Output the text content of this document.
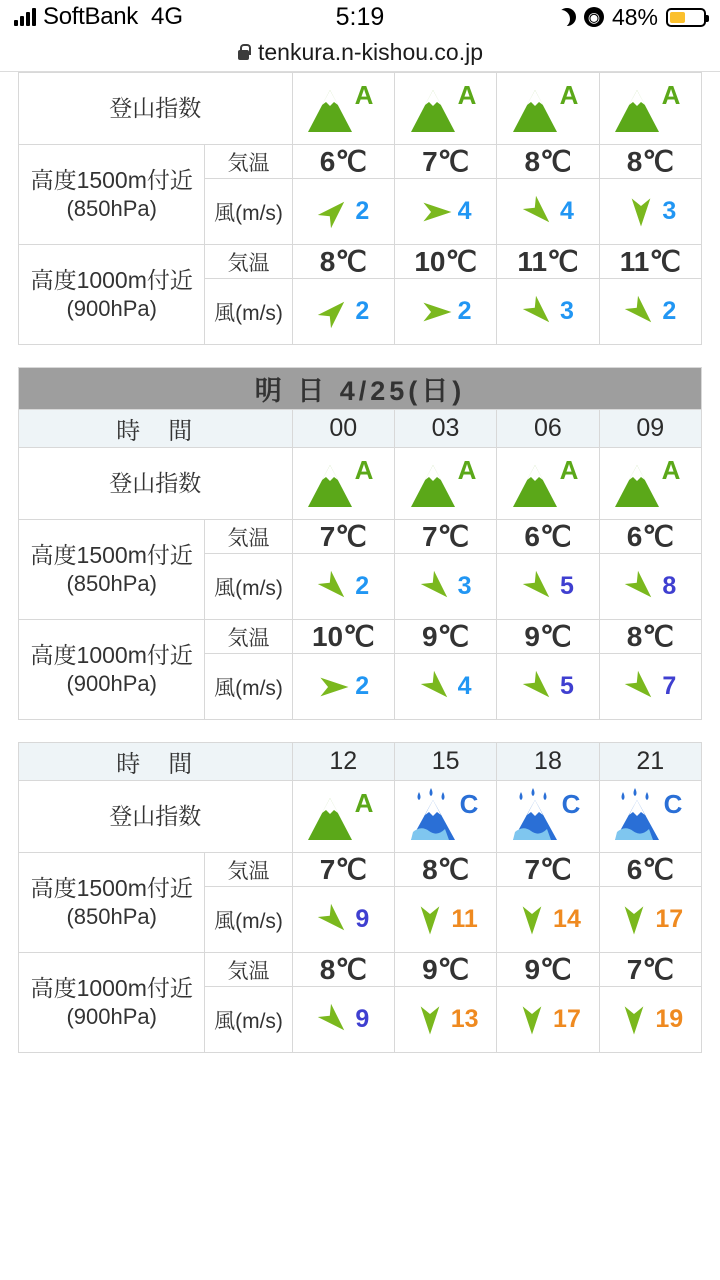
SoftBank 4G	5:19	◉ 48%
tenkura.n-kishou.co.jp
登山指数		A	A	A	A

高度1500m付近
(850hPa)	気温	6℃	7℃	8℃	8℃
	風(m/s)	2	4	4	3

高度1000m付近
(900hPa)	気温	8℃	10℃	11℃	11℃
	風(m/s)	2	2	3	2
明 日 4/25(日)					
時　間		00	03	06	09
登山指数		A	A	A	A

高度1500m付近
(850hPa)	気温	7℃	7℃	6℃	6℃
	風(m/s)	2	3	5	8

高度1000m付近
(900hPa)	気温	10℃	9℃	9℃	8℃
	風(m/s)	2	4	5	7
時　間		12	15	18	21
登山指数		A	C	C	C

高度1500m付近
(850hPa)	気温	7℃	8℃	7℃	6℃
	風(m/s)	9	11	14	17

高度1000m付近
(900hPa)	気温	8℃	9℃	9℃	7℃
	風(m/s)	9	13	17	19
